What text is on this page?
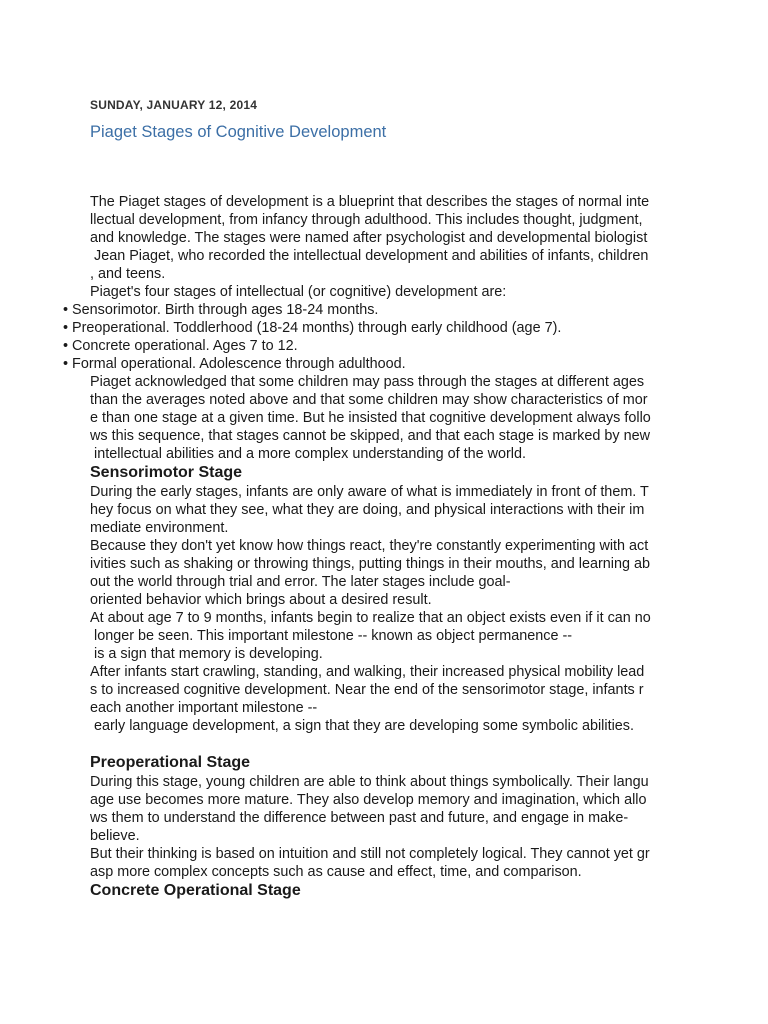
SUNDAY, JANUARY 12, 2014
Piaget Stages of Cognitive Development
The Piaget stages of development is a blueprint that describes the stages of normal inte
llectual development, from infancy through adulthood. This includes thought, judgment,
and knowledge. The stages were named after psychologist and developmental biologist
Jean Piaget, who recorded the intellectual development and abilities of infants, children
, and teens.
Piaget's four stages of intellectual (or cognitive) development are:
• Sensorimotor. Birth through ages 18-24 months.
• Preoperational. Toddlerhood (18-24 months) through early childhood (age 7).
• Concrete operational. Ages 7 to 12.
• Formal operational. Adolescence through adulthood.
Piaget acknowledged that some children may pass through the stages at different ages
than the averages noted above and that some children may show characteristics of mor
e than one stage at a given time. But he insisted that cognitive development always follo
ws this sequence, that stages cannot be skipped, and that each stage is marked by new
intellectual abilities and a more complex understanding of the world.
Sensorimotor Stage
During the early stages, infants are only aware of what is immediately in front of them. T
hey focus on what they see, what they are doing, and physical interactions with their im
mediate environment.
Because they don't yet know how things react, they're constantly experimenting with act
ivities such as shaking or throwing things, putting things in their mouths, and learning ab
out the world through trial and error. The later stages include goal-
oriented behavior which brings about a desired result.
At about age 7 to 9 months, infants begin to realize that an object exists even if it can no
longer be seen. This important milestone -- known as object permanence --
is a sign that memory is developing.
After infants start crawling, standing, and walking, their increased physical mobility lead
s to increased cognitive development. Near the end of the sensorimotor stage, infants r
each another important milestone --
early language development, a sign that they are developing some symbolic abilities.
Preoperational Stage
During this stage, young children are able to think about things symbolically. Their langu
age use becomes more mature. They also develop memory and imagination, which allo
ws them to understand the difference between past and future, and engage in make-
believe.
But their thinking is based on intuition and still not completely logical. They cannot yet gr
asp more complex concepts such as cause and effect, time, and comparison.
Concrete Operational Stage
